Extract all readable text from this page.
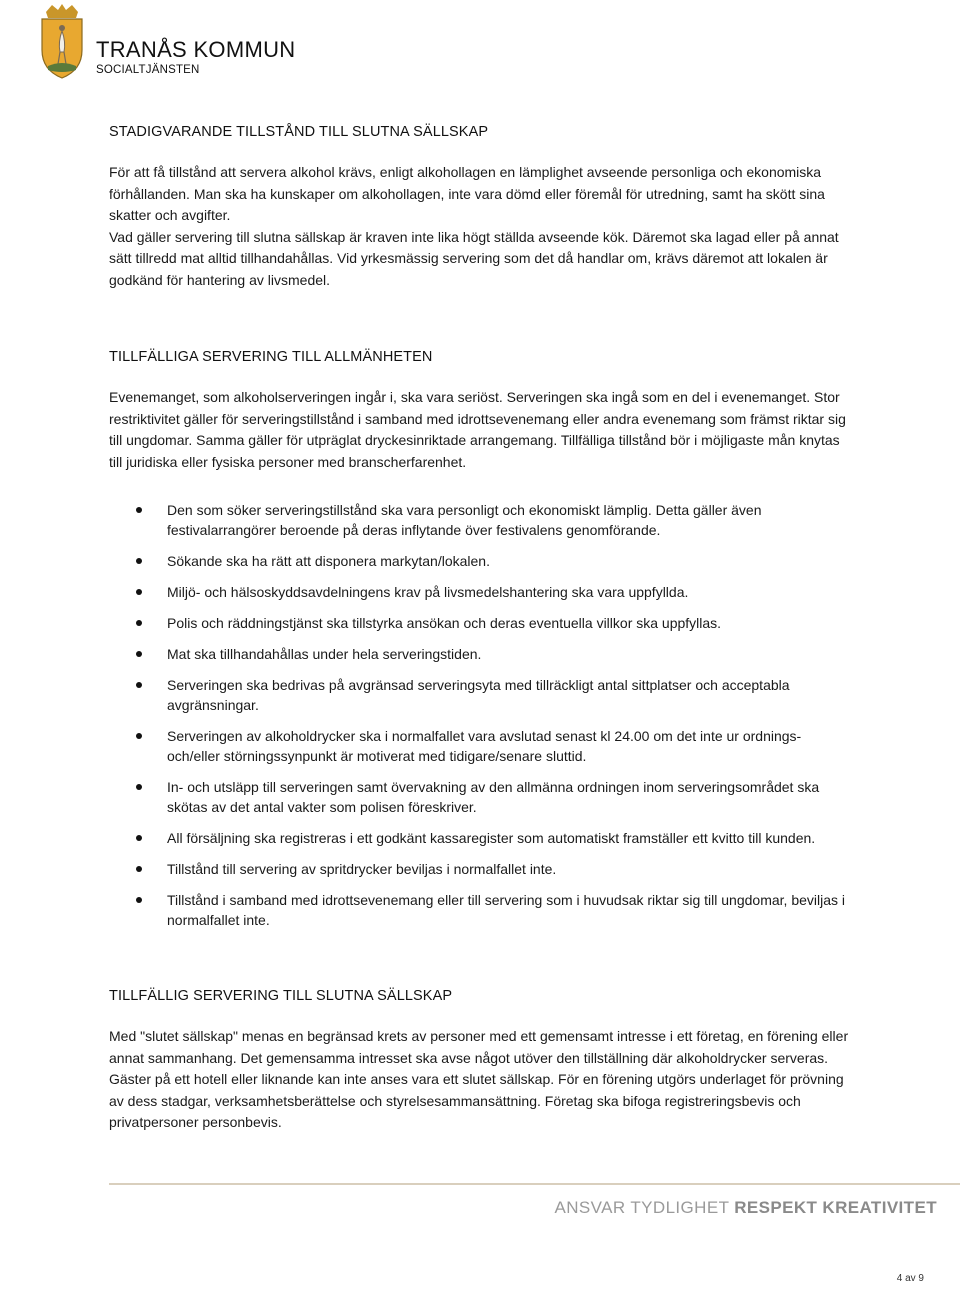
TRANÅS KOMMUN
SOCIALTJÄNSTEN
STADIGVARANDE TILLSTÅND TILL SLUTNA SÄLLSKAP

För att få tillstånd att servera alkohol krävs, enligt alkohollagen en lämplighet avseende personliga och ekonomiska förhållanden. Man ska ha kunskaper om alkohollagen, inte vara dömd eller föremål för utredning, samt ha skött sina skatter och avgifter.

Vad gäller servering till slutna sällskap är kraven inte lika högt ställda avseende kök. Däremot ska lagad eller på annat sätt tillredd mat alltid tillhandahållas. Vid yrkesmässig servering som det då handlar om, krävs däremot att lokalen är godkänd för hantering av livsmedel.

TILLFÄLLIGA SERVERING TILL ALLMÄNHETEN

Evenemanget, som alkoholserveringen ingår i, ska vara seriöst. Serveringen ska ingå som en del i evenemanget. Stor restriktivitet gäller för serveringstillstånd i samband med idrottsevenemang eller andra evenemang som främst riktar sig till ungdomar. Samma gäller för utpräglat dryckesinriktade arrangemang. Tillfälliga tillstånd bör i möjligaste mån knytas till juridiska eller fysiska personer med branscherfarenhet.

Den som söker serveringstillstånd ska vara personligt och ekonomiskt lämplig. Detta gäller även festivalarrangörer beroende på deras inflytande över festivalens genomförande.
Sökande ska ha rätt att disponera markytan/lokalen.
Miljö- och hälsoskyddsavdelningens krav på livsmedelshantering ska vara uppfyllda.
Polis och räddningstjänst ska tillstyrka ansökan och deras eventuella villkor ska uppfyllas.
Mat ska tillhandahållas under hela serveringstiden.
Serveringen ska bedrivas på avgränsad serveringsyta med tillräckligt antal sittplatser och acceptabla avgränsningar.
Serveringen av alkoholdrycker ska i normalfallet vara avslutad senast kl 24.00 om det inte ur ordnings- och/eller störningssynpunkt är motiverat med tidigare/senare sluttid.
In- och utsläpp till serveringen samt övervakning av den allmänna ordningen inom serveringsområdet ska skötas av det antal vakter som polisen föreskriver.
All försäljning ska registreras i ett godkänt kassaregister som automatiskt framställer ett kvitto till kunden.
Tillstånd till servering av spritdrycker beviljas i normalfallet inte.
Tillstånd i samband med idrottsevenemang eller till servering som i huvudsak riktar sig till ungdomar, beviljas i normalfallet inte.
TILLFÄLLIG SERVERING TILL SLUTNA SÄLLSKAP

Med "slutet sällskap" menas en begränsad krets av personer med ett gemensamt intresse i ett företag, en förening eller annat sammanhang. Det gemensamma intresset ska avse något utöver den tillställning där alkoholdrycker serveras. Gäster på ett hotell eller liknande kan inte anses vara ett slutet sällskap. För en förening utgörs underlaget för prövning av dess stadgar, verksamhetsberättelse och styrelsesammansättning. Företag ska bifoga registreringsbevis och privatpersoner personbevis.

ANSVAR TYDLIGHET RESPEKT KREATIVITET
4 av 9
